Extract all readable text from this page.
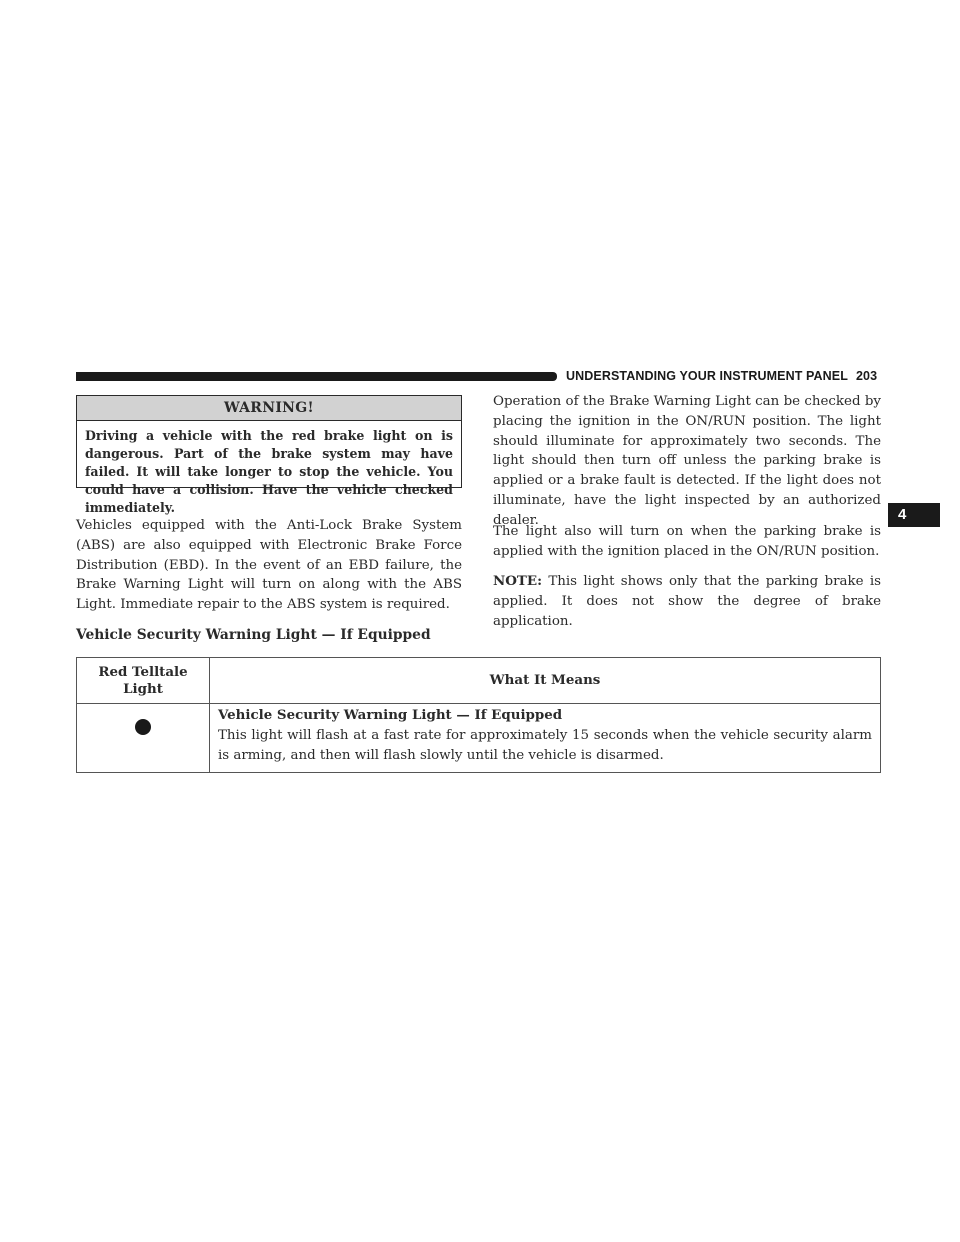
UNDERSTANDING YOUR INSTRUMENT PANEL 203
4
WARNING!
Driving a vehicle with the red brake light on is dangerous. Part of the brake system may have failed. It will take longer to stop the vehicle. You could have a collision. Have the vehicle checked immediately.

Vehicles equipped with the Anti-Lock Brake System (ABS) are also equipped with Electronic Brake Force Distribution (EBD). In the event of an EBD failure, the Brake Warning Light will turn on along with the ABS Light. Immediate repair to the ABS system is required.

Operation of the Brake Warning Light can be checked by placing the ignition in the ON/RUN position. The light should illuminate for approximately two seconds. The light should then turn off unless the parking brake is applied or a brake fault is detected. If the light does not illuminate, have the light inspected by an authorized dealer.

The light also will turn on when the parking brake is applied with the ignition placed in the ON/RUN position.

NOTE: This light shows only that the parking brake is applied. It does not show the degree of brake application.

Vehicle Security Warning Light — If Equipped
Red Telltale Light	What It Means

	Vehicle Security Warning Light — If Equipped
This light will flash at a fast rate for approximately 15 seconds when the vehicle security alarm is arming, and then will flash slowly until the vehicle is disarmed.
